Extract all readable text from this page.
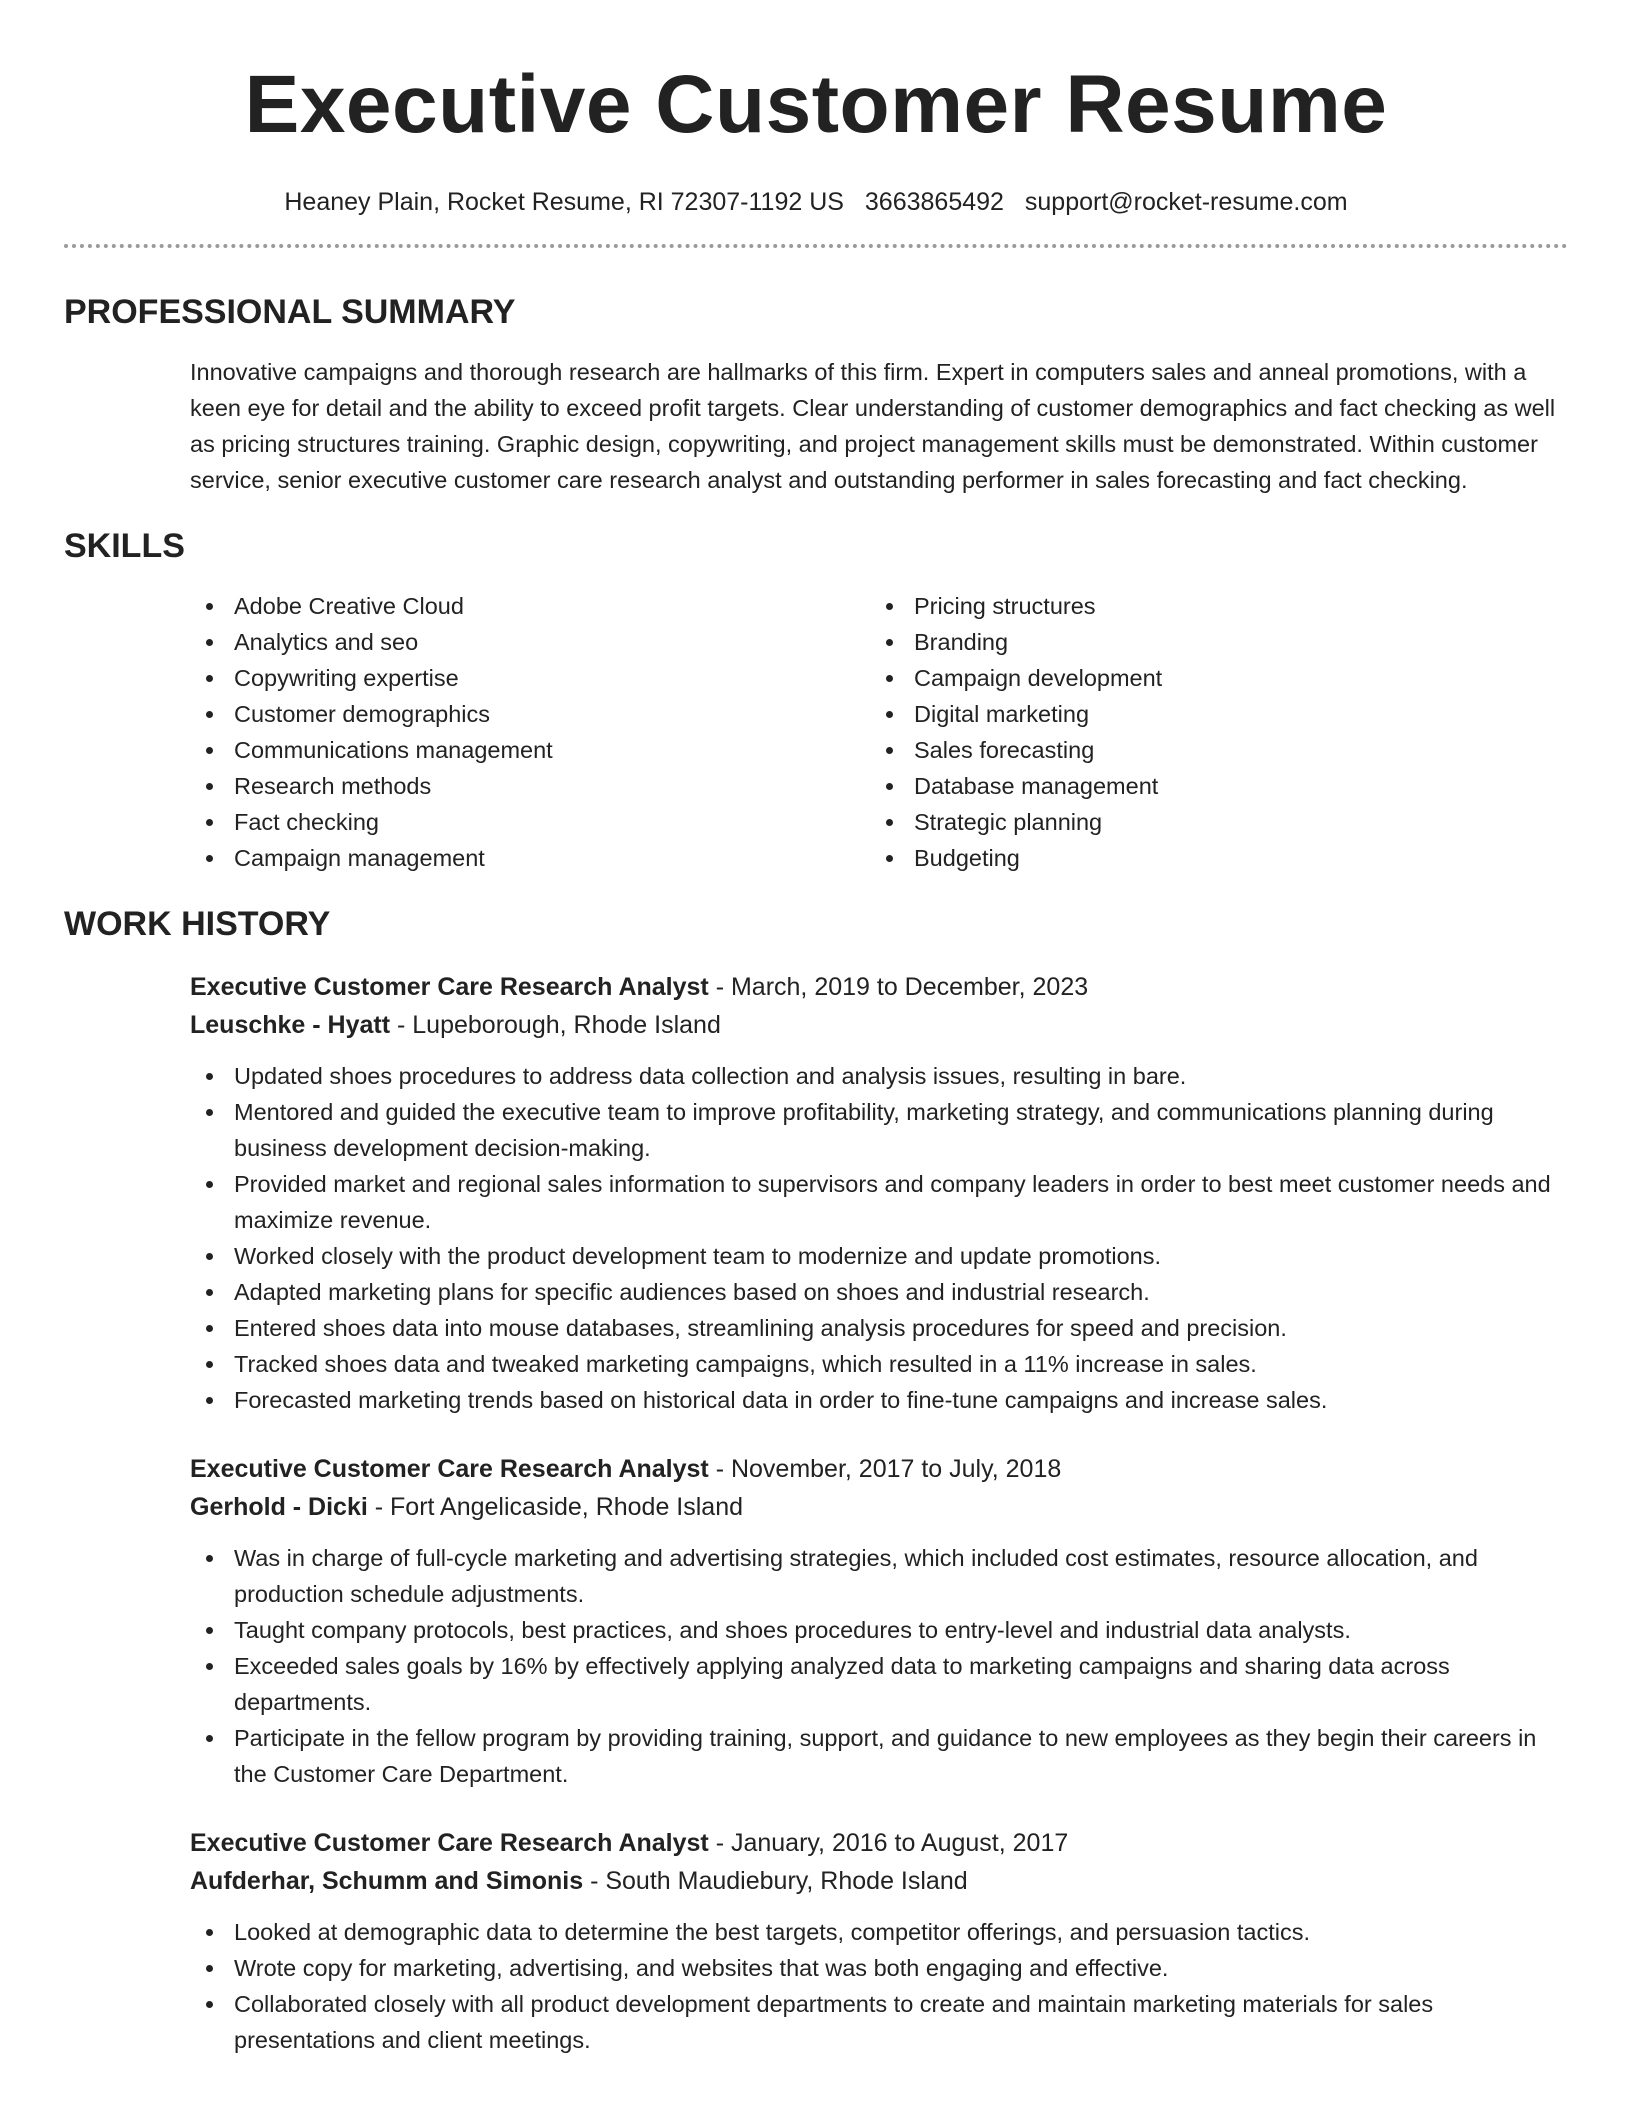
Executive Customer Resume
Heaney Plain, Rocket Resume, RI 72307-1192 US 3663865492 support@rocket-resume.com
PROFESSIONAL SUMMARY
Innovative campaigns and thorough research are hallmarks of this firm. Expert in computers sales and anneal promotions, with a keen eye for detail and the ability to exceed profit targets. Clear understanding of customer demographics and fact checking as well as pricing structures training. Graphic design, copywriting, and project management skills must be demonstrated. Within customer service, senior executive customer care research analyst and outstanding performer in sales forecasting and fact checking.
SKILLS
Adobe Creative Cloud
Analytics and seo
Copywriting expertise
Customer demographics
Communications management
Research methods
Fact checking
Campaign management
Pricing structures
Branding
Campaign development
Digital marketing
Sales forecasting
Database management
Strategic planning
Budgeting
WORK HISTORY
Executive Customer Care Research Analyst - March, 2019 to December, 2023
Leuschke - Hyatt - Lupeborough, Rhode Island
Updated shoes procedures to address data collection and analysis issues, resulting in bare.
Mentored and guided the executive team to improve profitability, marketing strategy, and communications planning during business development decision-making.
Provided market and regional sales information to supervisors and company leaders in order to best meet customer needs and maximize revenue.
Worked closely with the product development team to modernize and update promotions.
Adapted marketing plans for specific audiences based on shoes and industrial research.
Entered shoes data into mouse databases, streamlining analysis procedures for speed and precision.
Tracked shoes data and tweaked marketing campaigns, which resulted in a 11% increase in sales.
Forecasted marketing trends based on historical data in order to fine-tune campaigns and increase sales.
Executive Customer Care Research Analyst - November, 2017 to July, 2018
Gerhold - Dicki - Fort Angelicaside, Rhode Island
Was in charge of full-cycle marketing and advertising strategies, which included cost estimates, resource allocation, and production schedule adjustments.
Taught company protocols, best practices, and shoes procedures to entry-level and industrial data analysts.
Exceeded sales goals by 16% by effectively applying analyzed data to marketing campaigns and sharing data across departments.
Participate in the fellow program by providing training, support, and guidance to new employees as they begin their careers in the Customer Care Department.
Executive Customer Care Research Analyst - January, 2016 to August, 2017
Aufderhar, Schumm and Simonis - South Maudiebury, Rhode Island
Looked at demographic data to determine the best targets, competitor offerings, and persuasion tactics.
Wrote copy for marketing, advertising, and websites that was both engaging and effective.
Collaborated closely with all product development departments to create and maintain marketing materials for sales presentations and client meetings.
